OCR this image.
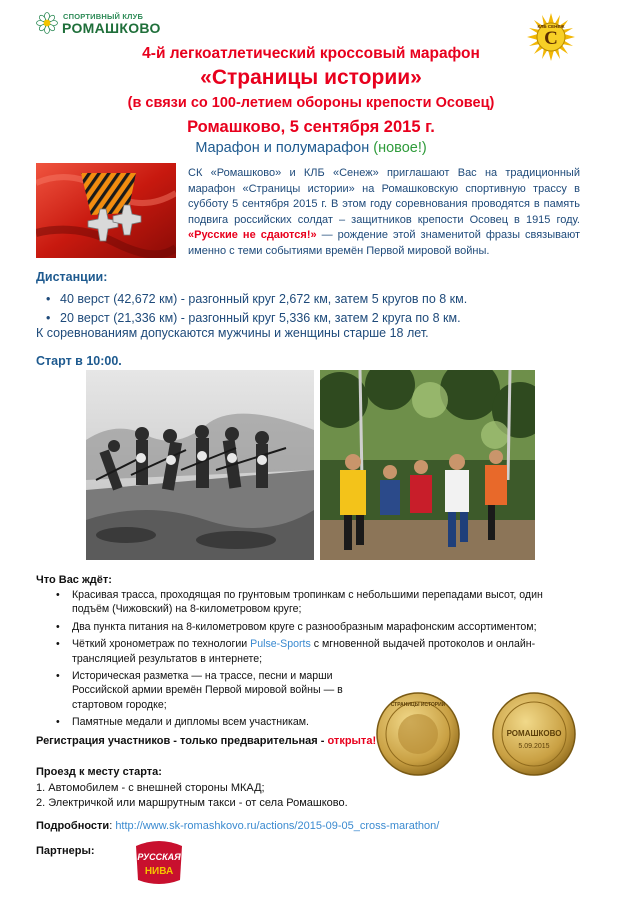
СПОРТИВНЫЙ КЛУБ
РОМАШКОВО	С
КЛБ СЕНЕЖ
4-й легкоатлетический кроссовый марафон
«Страницы истории»
(в связи со 100-летием обороны крепости Осовец)
Ромашково, 5 сентября 2015 г.
Марафон и полумарафон (новое!)
СК «Ромашково» и КЛБ «Сенеж» приглашают Вас на традиционный марафон «Страницы истории» на Ромашковскую спортивную трассу в субботу 5 сентября 2015 г. В этом году соревнования проводятся в память подвига российских солдат – защитников крепости Осовец в 1915 году. «Русские не сдаются!» — рождение этой знаменитой фразы связывают именно с теми событиями времён Первой мировой войны.
Дистанции:
• 40 верст (42,672 км) - разгонный круг 2,672 км, затем 5 кругов по 8 км.
• 20 верст (21,336 км) - разгонный круг 5,336 км, затем 2 круга по 8 км.
К соревнованиям допускаются мужчины и женщины старше 18 лет.
Старт в 10:00.
Что Вас ждёт:
• Красивая трасса, проходящая по грунтовым тропинкам с небольшими перепадами высот, один подъём (Чижовский) на 8-километровом круге;
• Два пункта питания на 8-километровом круге с разнообразным марафонским ассортиментом;
• Чёткий хронометраж по технологии Pulse-Sports с мгновенной выдачей протоколов и онлайн-трансляцией результатов в интернете;
• Историческая разметка — на трассе, песни и марши Российской армии времён Первой мировой войны — в стартовом городке;
• Памятные медали и дипломы всем участникам.
СТРАНИЦЫ ИСТОРИИ
РОМАШКОВО
5.09.2015
Регистрация участников - только предварительная - открыта!
Проезд к месту старта:
1. Автомобилем - с внешней стороны МКАД;
2. Электричкой или маршрутным такси - от села Ромашково.
Подробности: http://www.sk-romashkovo.ru/actions/2015-09-05_cross-marathon/
Партнеры:	РУССКАЯ
НИВА
